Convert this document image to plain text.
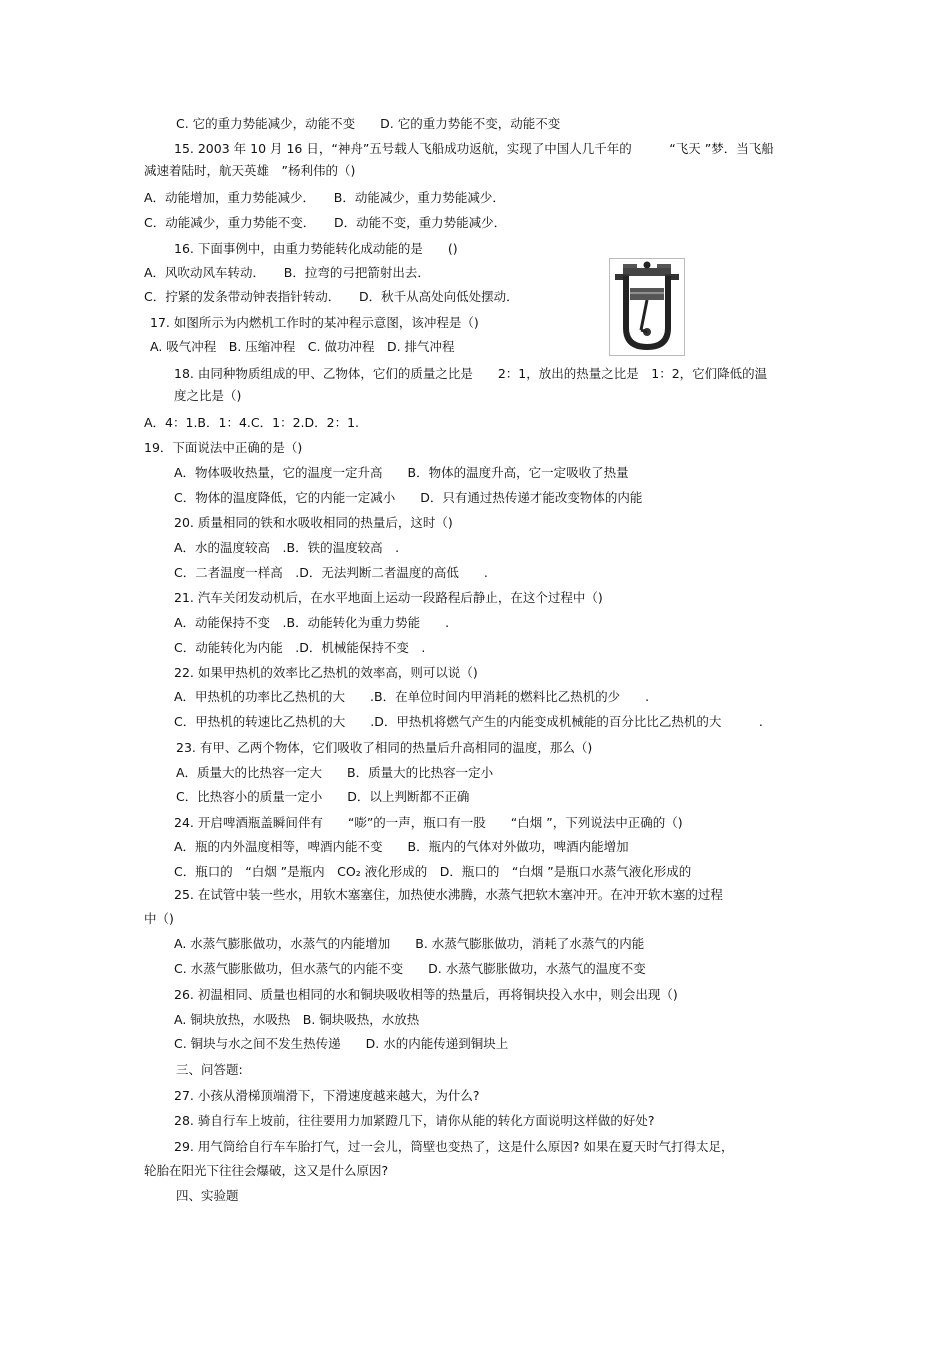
C. 它的重力势能减少，动能不变　　D. 它的重力势能不变，动能不变
15. 2003 年 10 月 16 日，“神舟”五号载人飞船成功返航，实现了中国人几千年的　　　“飞天 ”梦．当飞船
减速着陆时，航天英雄　”杨利伟的（)
A．动能增加，重力势能减少．　　B．动能减少，重力势能减少．
C．动能减少，重力势能不变．　　D．动能不变，重力势能减少．
16. 下面事例中，由重力势能转化成动能的是　　()
A．风吹动风车转动．　　B．拉弯的弓把箭射出去．
C．拧紧的发条带动钟表指针转动．　　D．秋千从高处向低处摆动．
17. 如图所示为内燃机工作时的某冲程示意图，该冲程是（)
A. 吸气冲程　B. 压缩冲程　C. 做功冲程　D. 排气冲程
18. 由同种物质组成的甲、乙物体，它们的质量之比是　　2：1，放出的热量之比是　1：2，它们降低的温
度之比是（)
A．4：1.B．1：4.C．1：2.D．2：1.
19．下面说法中正确的是（)
A．物体吸收热量，它的温度一定升高　　B．物体的温度升高，它一定吸收了热量
C．物体的温度降低，它的内能一定减小　　D．只有通过热传递才能改变物体的内能
20. 质量相同的铁和水吸收相同的热量后，这时（)
A．水的温度较高　.B．铁的温度较高　.
C．二者温度一样高　.D．无法判断二者温度的高低　　.
21. 汽车关闭发动机后，在水平地面上运动一段路程后静止，在这个过程中（)
A．动能保持不变　.B．动能转化为重力势能　　.
C．动能转化为内能　.D．机械能保持不变　.
22. 如果甲热机的效率比乙热机的效率高，则可以说（)
A．甲热机的功率比乙热机的大　　.B．在单位时间内甲消耗的燃料比乙热机的少　　.
C．甲热机的转速比乙热机的大　　.D．甲热机将燃气产生的内能变成机械能的百分比比乙热机的大　　　.
23. 有甲、乙两个物体，它们吸收了相同的热量后升高相同的温度，那么（)
A．质量大的比热容一定大　　B．质量大的比热容一定小
C．比热容小的质量一定小　　D．以上判断都不正确
24. 开启啤酒瓶盖瞬间伴有　　“嘭”的一声，瓶口有一股　　“白烟 ”，下列说法中正确的（)
A．瓶的内外温度相等，啤酒内能不变　　B．瓶内的气体对外做功，啤酒内能增加
C．瓶口的　“白烟 ”是瓶内　CO₂ 液化形成的　D．瓶口的　“白烟 ”是瓶口水蒸气液化形成的
25. 在试管中装一些水，用软木塞塞住，加热使水沸腾，水蒸气把软木塞冲开。在冲开软木塞的过程
中（)
A. 水蒸气膨胀做功，水蒸气的内能增加　　B. 水蒸气膨胀做功，消耗了水蒸气的内能
C. 水蒸气膨胀做功，但水蒸气的内能不变　　D. 水蒸气膨胀做功，水蒸气的温度不变
26. 初温相同、质量也相同的水和铜块吸收相等的热量后，再将铜块投入水中，则会出现（)
A. 铜块放热，水吸热　B. 铜块吸热，水放热
C. 铜块与水之间不发生热传递　　D. 水的内能传递到铜块上
三、问答题:
27. 小孩从滑梯顶端滑下，下滑速度越来越大，为什么?
28. 骑自行车上坡前，往往要用力加紧蹬几下，请你从能的转化方面说明这样做的好处?
29. 用气筒给自行车车胎打气，过一会儿，筒壁也变热了，这是什么原因? 如果在夏天时气打得太足，
轮胎在阳光下往往会爆破，这又是什么原因?
四、实验题
